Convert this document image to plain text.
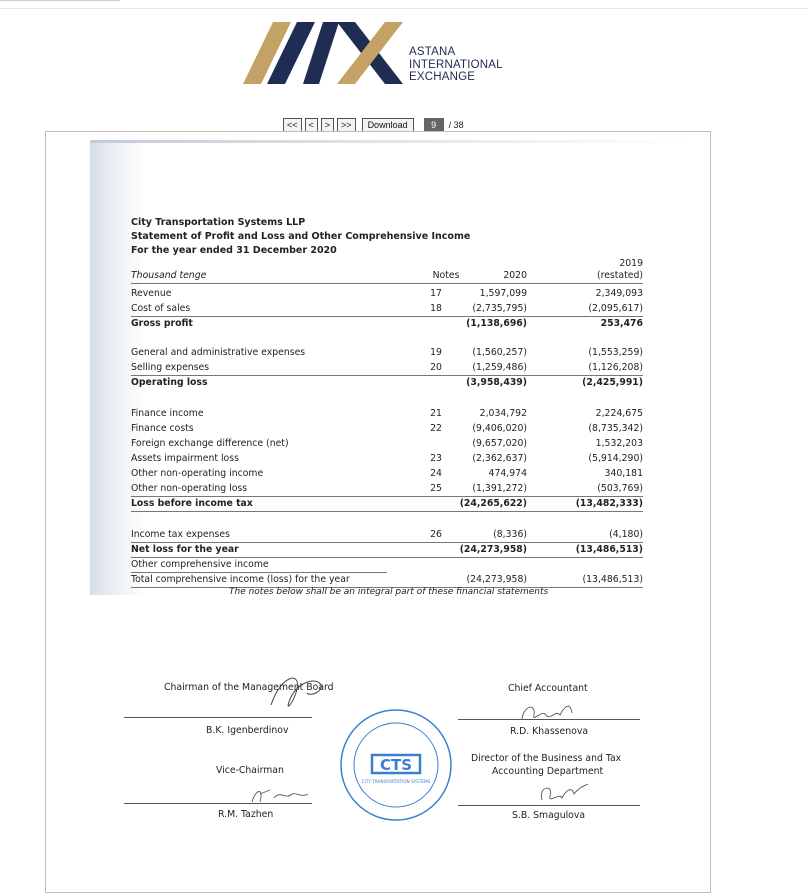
ASTANA
INTERNATIONAL
EXCHANGE
<<	<	>	>>	Download	9	/ 38
City Transportation Systems LLP
Statement of Profit and Loss and Other Comprehensive Income
For the year ended 31 December 2020
2019
Thousand tenge	Notes	2020	(restated)
Revenue	17	1,597,099	2,349,093
Cost of sales	18	(2,735,795)	(2,095,617)
Gross profit	(1,138,696)	253,476
General and administrative expenses	19	(1,560,257)	(1,553,259)
Selling expenses	20	(1,259,486)	(1,126,208)
Operating loss	(3,958,439)	(2,425,991)
Finance income	21	2,034,792	2,224,675
Finance costs	22	(9,406,020)	(8,735,342)
Foreign exchange difference (net)	(9,657,020)	1,532,203
Assets impairment loss	23	(2,362,637)	(5,914,290)
Other non-operating income	24	474,974	340,181
Other non-operating loss	25	(1,391,272)	(503,769)
Loss before income tax	(24,265,622)	(13,482,333)
Income tax expenses	26	(8,336)	(4,180)
Net loss for the year	(24,273,958)	(13,486,513)
Other comprehensive income
Total comprehensive income (loss) for the year	(24,273,958)	(13,486,513)
The notes below shall be an integral part of these financial statements
Chairman of the Management Board
B.K. Igenberdinov
Vice-Chairman
R.M. Tazhen
Chief Accountant
R.D. Khassenova
Director of the Business and Tax
Accounting Department
S.B. Smagulova
CTS
CITY TRANSPORTATION SYSTEMS
